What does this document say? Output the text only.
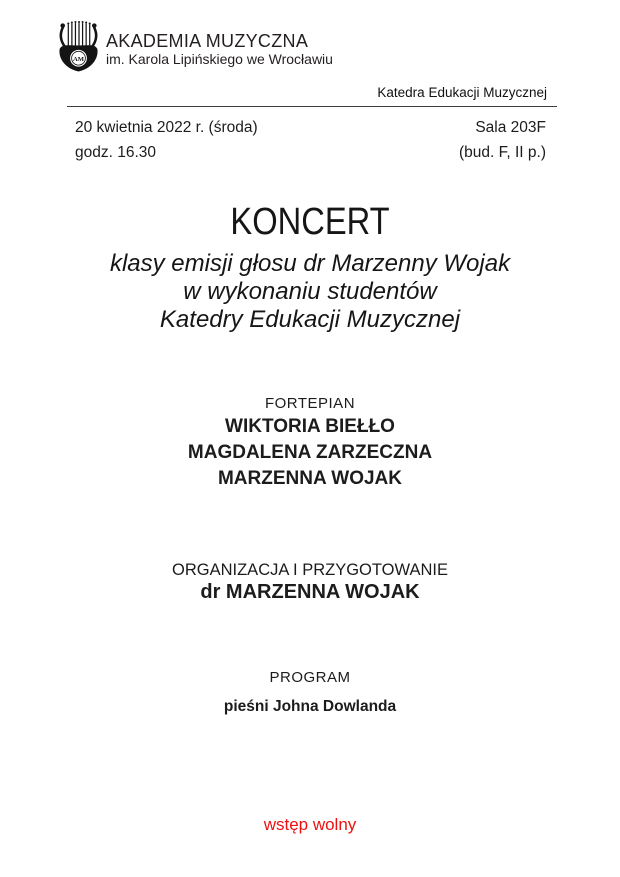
AM
AKADEMIA MUZYCZNA
im. Karola Lipińskiego we Wrocławiu
Katedra Edukacji Muzycznej
20 kwietnia 2022 r. (środa)
godz. 16.30
Sala 203F
(bud. F, II p.)
KONCERT
klasy emisji głosu dr Marzenny Wojak
w wykonaniu studentów
Katedry Edukacji Muzycznej
FORTEPIAN
WIKTORIA BIEŁŁO
MAGDALENA ZARZECZNA
MARZENNA WOJAK
ORGANIZACJA I PRZYGOTOWANIE
dr MARZENNA WOJAK
PROGRAM
pieśni Johna Dowlanda
wstęp wolny
